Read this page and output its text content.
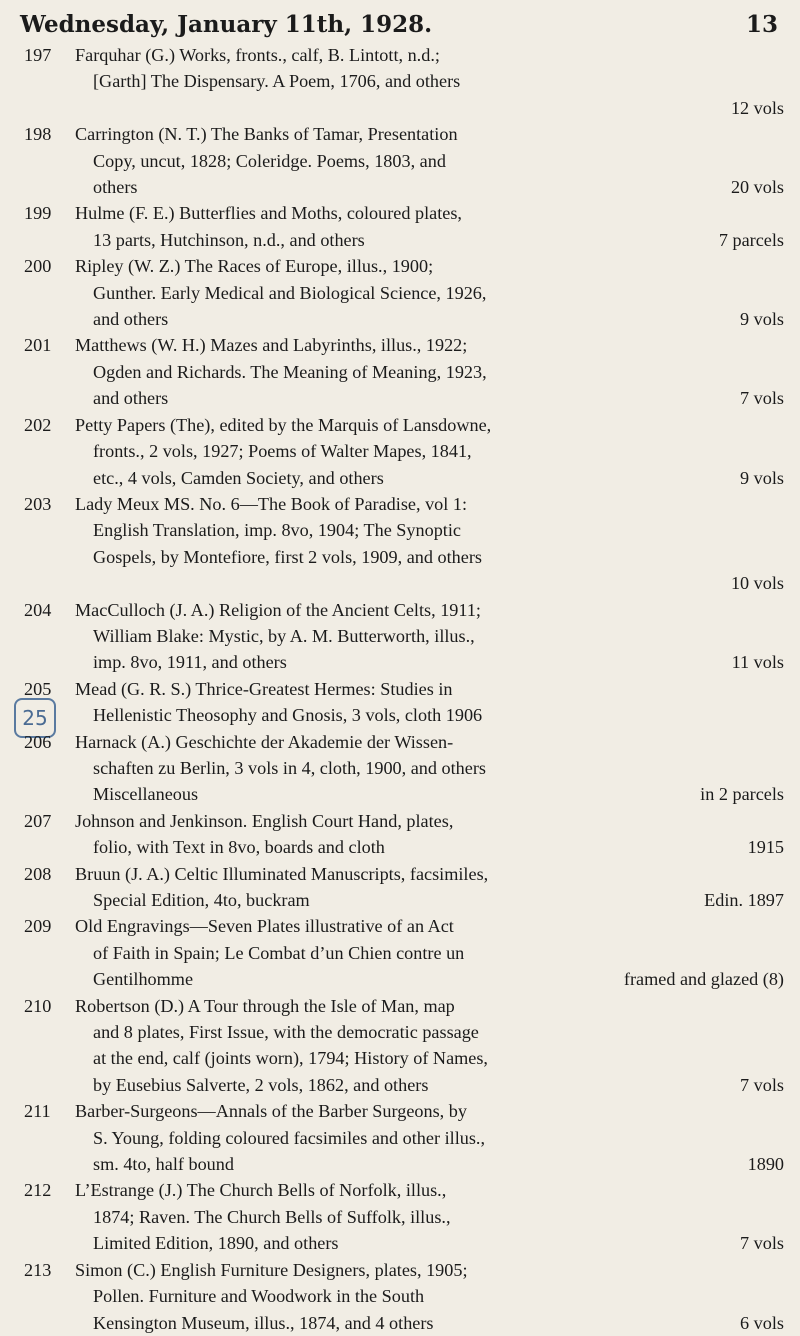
Wednesday, January 11th, 1928.	13
25
197	Farquhar (G.) Works, fronts., calf, B. Lintott, n.d.;
[Garth] The Dispensary. A Poem, 1706, and others
12 vols
198	Carrington (N. T.) The Banks of Tamar, Presentation
Copy, uncut, 1828; Coleridge. Poems, 1803, and
others	20 vols
199	Hulme (F. E.) Butterflies and Moths, coloured plates,
13 parts, Hutchinson, n.d., and others	7 parcels
200	Ripley (W. Z.) The Races of Europe, illus., 1900;
Gunther. Early Medical and Biological Science, 1926,
and others	9 vols
201	Matthews (W. H.) Mazes and Labyrinths, illus., 1922;
Ogden and Richards. The Meaning of Meaning, 1923,
and others	7 vols
202	Petty Papers (The), edited by the Marquis of Lansdowne,
fronts., 2 vols, 1927; Poems of Walter Mapes, 1841,
etc., 4 vols, Camden Society, and others	9 vols
203	Lady Meux MS. No. 6—The Book of Paradise, vol 1:
English Translation, imp. 8vo, 1904; The Synoptic
Gospels, by Montefiore, first 2 vols, 1909, and others
10 vols
204	MacCulloch (J. A.) Religion of the Ancient Celts, 1911;
William Blake: Mystic, by A. M. Butterworth, illus.,
imp. 8vo, 1911, and others	11 vols
205	Mead (G. R. S.) Thrice-Greatest Hermes: Studies in
Hellenistic Theosophy and Gnosis, 3 vols, cloth 1906
206	Harnack (A.) Geschichte der Akademie der Wissen-
schaften zu Berlin, 3 vols in 4, cloth, 1900, and others
Miscellaneous	in 2 parcels
207	Johnson and Jenkinson. English Court Hand, plates,
folio, with Text in 8vo, boards and cloth	1915
208	Bruun (J. A.) Celtic Illuminated Manuscripts, facsimiles,
Special Edition, 4to, buckram	Edin. 1897
209	Old Engravings—Seven Plates illustrative of an Act
of Faith in Spain; Le Combat d’un Chien contre un
Gentilhomme	framed and glazed (8)
210	Robertson (D.) A Tour through the Isle of Man, map
and 8 plates, First Issue, with the democratic passage
at the end, calf (joints worn), 1794; History of Names,
by Eusebius Salverte, 2 vols, 1862, and others	7 vols
211	Barber-Surgeons—Annals of the Barber Surgeons, by
S. Young, folding coloured facsimiles and other illus.,
sm. 4to, half bound	1890
212	L’Estrange (J.) The Church Bells of Norfolk, illus.,
1874; Raven. The Church Bells of Suffolk, illus.,
Limited Edition, 1890, and others	7 vols
213	Simon (C.) English Furniture Designers, plates, 1905;
Pollen. Furniture and Woodwork in the South
Kensington Museum, illus., 1874, and 4 others	6 vols
